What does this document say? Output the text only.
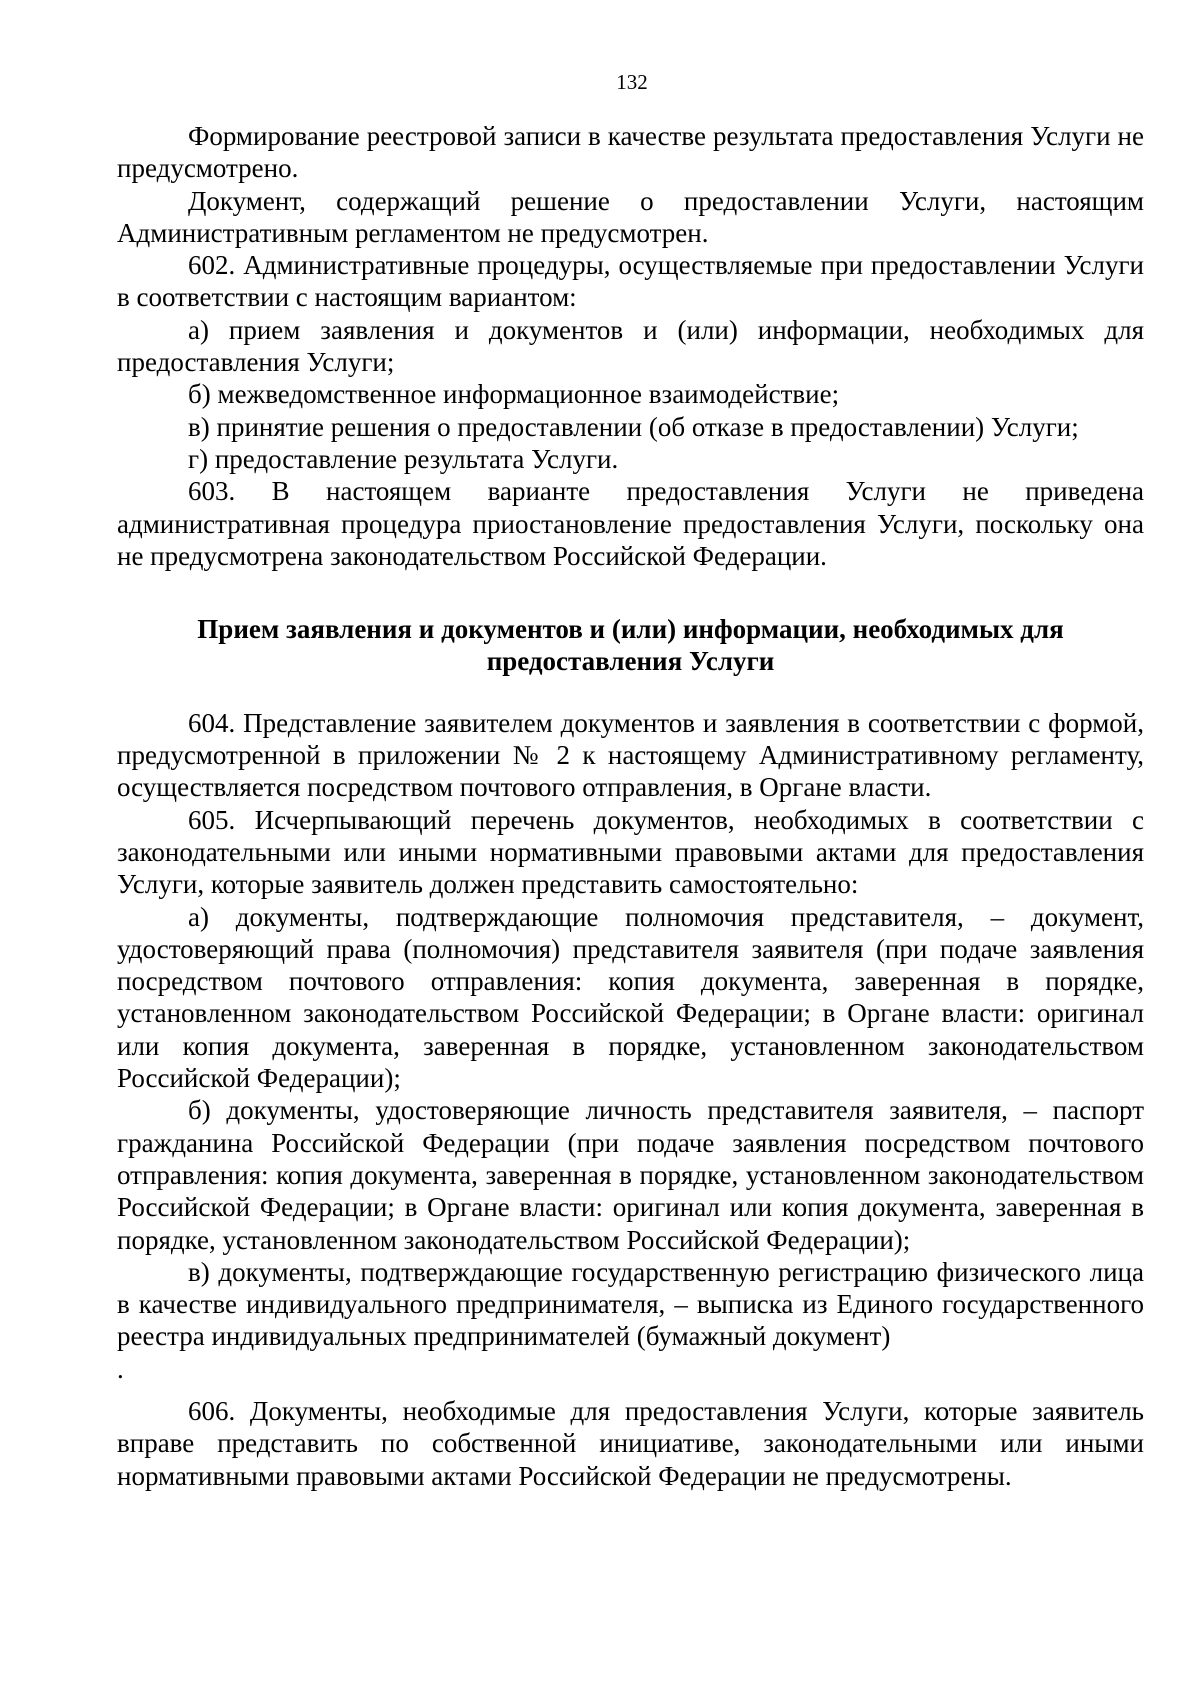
132

Формирование реестровой записи в качестве результата предоставления Услуги не предусмотрено.

Документ, содержащий решение о предоставлении Услуги, настоящим Административным регламентом не предусмотрен.

602. Административные процедуры, осуществляемые при предоставлении Услуги в соответствии с настоящим вариантом:

а) прием заявления и документов и (или) информации, необходимых для предоставления Услуги;

б) межведомственное информационное взаимодействие;

в) принятие решения о предоставлении (об отказе в предоставлении) Услуги;

г) предоставление результата Услуги.

603. В настоящем варианте предоставления Услуги не приведена административная процедура приостановление предоставления Услуги, поскольку она не предусмотрена законодательством Российской Федерации.

Прием заявления и документов и (или) информации, необходимых для
предоставления Услуги

604. Представление заявителем документов и заявления в соответствии с формой, предусмотренной в приложении № 2 к настоящему Административному регламенту, осуществляется посредством почтового отправления, в Органе власти.

605. Исчерпывающий перечень документов, необходимых в соответствии с законодательными или иными нормативными правовыми актами для предоставления Услуги, которые заявитель должен представить самостоятельно:

а) документы, подтверждающие полномочия представителя, – документ, удостоверяющий права (полномочия) представителя заявителя (при подаче заявления посредством почтового отправления: копия документа, заверенная в порядке, установленном законодательством Российской Федерации; в Органе власти: оригинал или копия документа, заверенная в порядке, установленном законодательством Российской Федерации);

б) документы, удостоверяющие личность представителя заявителя, – паспорт гражданина Российской Федерации (при подаче заявления посредством почтового отправления: копия документа, заверенная в порядке, установленном законодательством Российской Федерации; в Органе власти: оригинал или копия документа, заверенная в порядке, установленном законодательством Российской Федерации);

в) документы, подтверждающие государственную регистрацию физического лица в качестве индивидуального предпринимателя, – выписка из Единого государственного реестра индивидуальных предпринимателей (бумажный документ)

.

606. Документы, необходимые для предоставления Услуги, которые заявитель вправе представить по собственной инициативе, законодательными или иными нормативными правовыми актами Российской Федерации не предусмотрены.
